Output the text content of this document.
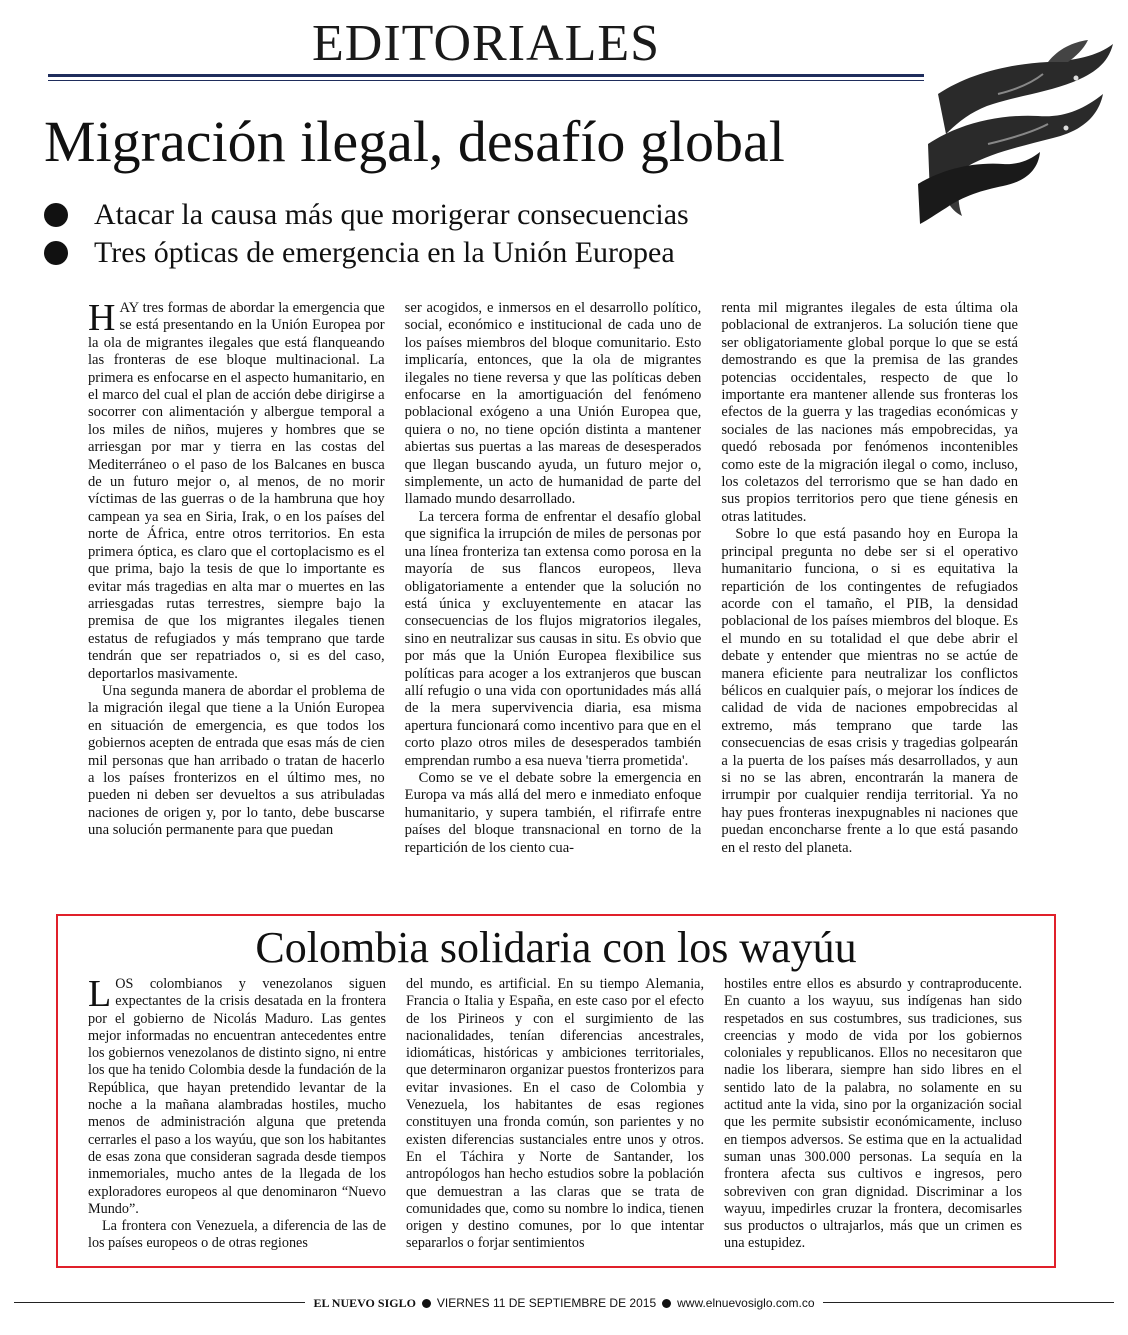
EDITORIALES
Migración ilegal, desafío global
Atacar la causa más que morigerar consecuencias
Tres ópticas de emergencia en la Unión Europea

HAY tres formas de abordar la emergencia que se está presentando en la Unión Europea por la ola de migrantes ilegales que está flanqueando las fronteras de ese bloque multinacional. La primera es enfocarse en el aspecto humanitario, en el marco del cual el plan de acción debe dirigirse a socorrer con alimentación y albergue temporal a los miles de niños, mujeres y hombres que se arriesgan por mar y tierra en las costas del Mediterráneo o el paso de los Balcanes en busca de un futuro mejor o, al menos, de no morir víctimas de las guerras o de la hambruna que hoy campean ya sea en Siria, Irak, o en los países del norte de África, entre otros territorios. En esta primera óptica, es claro que el cortoplacismo es el que prima, bajo la tesis de que lo importante es evitar más tragedias en alta mar o muertes en las arriesgadas rutas terrestres, siempre bajo la premisa de que los migrantes ilegales tienen estatus de refugiados y más temprano que tarde tendrán que ser repatriados o, si es del caso, deportarlos masivamente.

Una segunda manera de abordar el problema de la migración ilegal que tiene a la Unión Europea en situación de emergencia, es que todos los gobiernos acepten de entrada que esas más de cien mil personas que han arribado o tratan de hacerlo a los países fronterizos en el último mes, no pueden ni deben ser devueltos a sus atribuladas naciones de origen y, por lo tanto, debe buscarse una solución permanente para que puedan

ser acogidos, e inmersos en el desarrollo político, social, económico e institucional de cada uno de los países miembros del bloque comunitario. Esto implicaría, entonces, que la ola de migrantes ilegales no tiene reversa y que las políticas deben enfocarse en la amortiguación del fenómeno poblacional exógeno a una Unión Europea que, quiera o no, no tiene opción distinta a mantener abiertas sus puertas a las mareas de desesperados que llegan buscando ayuda, un futuro mejor o, simplemente, un acto de humanidad de parte del llamado mundo desarrollado.

La tercera forma de enfrentar el desafío global que significa la irrupción de miles de personas por una línea fronteriza tan extensa como porosa en la mayoría de sus flancos europeos, lleva obligatoriamente a entender que la solución no está única y excluyentemente en atacar las consecuencias de los flujos migratorios ilegales, sino en neutralizar sus causas in situ. Es obvio que por más que la Unión Europea flexibilice sus políticas para acoger a los extranjeros que buscan allí refugio o una vida con oportunidades más allá de la mera supervivencia diaria, esa misma apertura funcionará como incentivo para que en el corto plazo otros miles de desesperados también emprendan rumbo a esa nueva 'tierra prometida'.

Como se ve el debate sobre la emergencia en Europa va más allá del mero e inmediato enfoque humanitario, y supera también, el rifirrafe entre países del bloque transnacional en torno de la repartición de los ciento cua-

renta mil migrantes ilegales de esta última ola poblacional de extranjeros. La solución tiene que ser obligatoriamente global porque lo que se está demostrando es que la premisa de las grandes potencias occidentales, respecto de que lo importante era mantener allende sus fronteras los efectos de la guerra y las tragedias económicas y sociales de las naciones más empobrecidas, ya quedó rebosada por fenómenos incontenibles como este de la migración ilegal o como, incluso, los coletazos del terrorismo que se han dado en sus propios territorios pero que tiene génesis en otras latitudes.

Sobre lo que está pasando hoy en Europa la principal pregunta no debe ser si el operativo humanitario funciona, o si es equitativa la repartición de los contingentes de refugiados acorde con el tamaño, el PIB, la densidad poblacional de los países miembros del bloque. Es el mundo en su totalidad el que debe abrir el debate y entender que mientras no se actúe de manera eficiente para neutralizar los conflictos bélicos en cualquier país, o mejorar los índices de calidad de vida de naciones empobrecidas al extremo, más temprano que tarde las consecuencias de esas crisis y tragedias golpearán a la puerta de los países más desarrollados, y aun si no se las abren, encontrarán la manera de irrumpir por cualquier rendija territorial. Ya no hay pues fronteras inexpugnables ni naciones que puedan enconcharse frente a lo que está pasando en el resto del planeta.

Colombia solidaria con los wayúu

LOS colombianos y venezolanos siguen expectantes de la crisis desatada en la frontera por el gobierno de Nicolás Maduro. Las gentes mejor informadas no encuentran antecedentes entre los gobiernos venezolanos de distinto signo, ni entre los que ha tenido Colombia desde la fundación de la República, que hayan pretendido levantar de la noche a la mañana alambradas hostiles, mucho menos de administración alguna que pretenda cerrarles el paso a los wayúu, que son los habitantes de esas zona que consideran sagrada desde tiempos inmemoriales, mucho antes de la llegada de los exploradores europeos al que denominaron “Nuevo Mundo”.

La frontera con Venezuela, a diferencia de las de los países europeos o de otras regiones

del mundo, es artificial. En su tiempo Alemania, Francia o Italia y España, en este caso por el efecto de los Pirineos y con el surgimiento de las nacionalidades, tenían diferencias ancestrales, idiomáticas, históricas y ambiciones territoriales, que determinaron organizar puestos fronterizos para evitar invasiones. En el caso de Colombia y Venezuela, los habitantes de esas regiones constituyen una fronda común, son parientes y no existen diferencias sustanciales entre unos y otros. En el Táchira y Norte de Santander, los antropólogos han hecho estudios sobre la población que demuestran a las claras que se trata de comunidades que, como su nombre lo indica, tienen origen y destino comunes, por lo que intentar separarlos o forjar sentimientos

hostiles entre ellos es absurdo y contraproducente. En cuanto a los wayuu, sus indígenas han sido respetados en sus costumbres, sus tradiciones, sus creencias y modo de vida por los gobiernos coloniales y republicanos. Ellos no necesitaron que nadie los liberara, siempre han sido libres en el sentido lato de la palabra, no solamente en su actitud ante la vida, sino por la organización social que les permite subsistir económicamente, incluso en tiempos adversos. Se estima que en la actualidad suman unas 300.000 personas. La sequía en la frontera afecta sus cultivos e ingresos, pero sobreviven con gran dignidad. Discriminar a los wayuu, impedirles cruzar la frontera, decomisarles sus productos o ultrajarlos, más que un crimen es una estupidez.

EL NUEVO SIGLO VIERNES 11 DE SEPTIEMBRE DE 2015 www.elnuevosiglo.com.co
